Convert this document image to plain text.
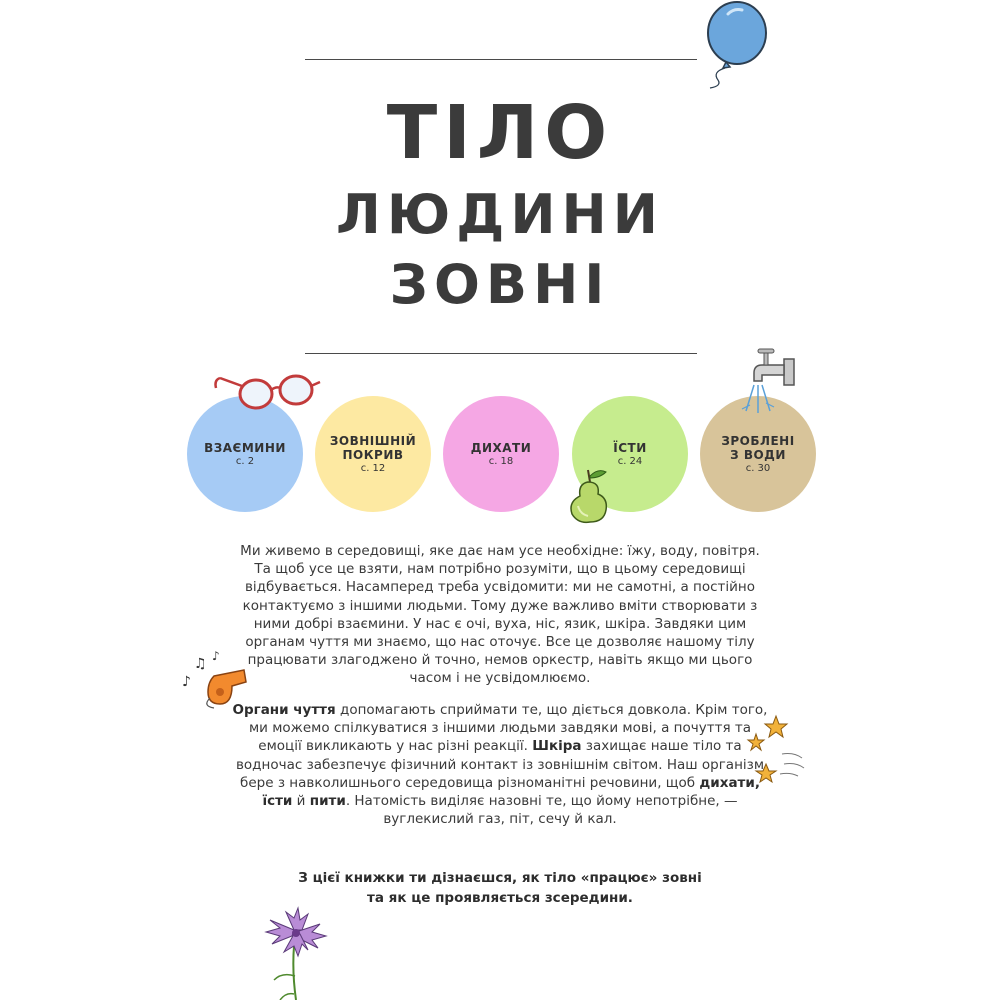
ТІЛО
ЛЮДИНИ
ЗОВНІ
ВЗАЄМИНИ
с. 2
ЗОВНІШНІЙ
ПОКРИВ
с. 12
ДИХАТИ
с. 18
ЇСТИ
с. 24
ЗРОБЛЕНІ
З ВОДИ
с. 30
♪
♫ ♪

Ми живемо в середовищі, яке дає нам усе необхідне: їжу, воду, повітря. Та щоб усе це взяти, нам потрібно розуміти, що в цьому середовищі відбувається. Насамперед треба усвідомити: ми не самотні, а постійно контактуємо з іншими людьми. Тому дуже важливо вміти створювати з ними добрі взаємини. У нас є очі, вуха, ніс, язик, шкіра. Завдяки цим органам чуття ми знаємо, що нас оточує. Все це дозволяє нашому тілу працювати злагоджено й точно, немов оркестр, навіть якщо ми цього часом і не усвідомлюємо.

Органи чуття допомагають сприймати те, що діється довкола. Крім того, ми можемо спілкуватися з іншими людьми завдяки мові, а почуття та емоції викликають у нас різні реакції. Шкіра захищає наше тіло та водночас забезпечує фізичний контакт із зовнішнім світом. Наш організм бере з навколишнього середовища різноманітні речовини, щоб дихати, їсти й пити. Натомість виділяє назовні те, що йому непотрібне, — вуглекислий газ, піт, сечу й кал.

З цієї книжки ти дізнаєшся, як тіло «працює» зовні
та як це проявляється зсередини.
